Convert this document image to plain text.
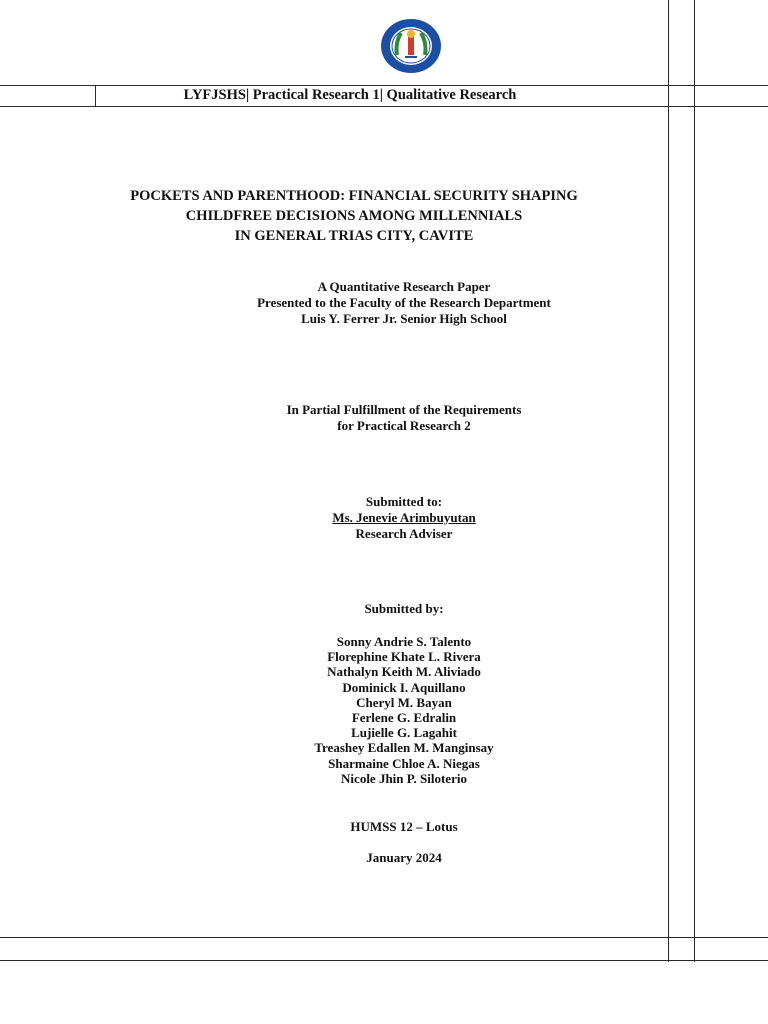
LYFJSHS| Practical Research 1| Qualitative Research
POCKETS AND PARENTHOOD: FINANCIAL SECURITY SHAPING
CHILDFREE DECISIONS AMONG MILLENNIALS
IN GENERAL TRIAS CITY, CAVITE
A Quantitative Research Paper
Presented to the Faculty of the Research Department
Luis Y. Ferrer Jr. Senior High School
In Partial Fulfillment of the Requirements
for Practical Research 2
Submitted to:
Ms. Jenevie Arimbuyutan
Research Adviser
Submitted by:
Sonny Andrie S. Talento
Florephine Khate L. Rivera
Nathalyn Keith M. Aliviado
Dominick I. Aquillano
Cheryl M. Bayan
Ferlene G. Edralin
Lujielle G. Lagahit
Treashey Edallen M. Manginsay
Sharmaine Chloe A. Niegas
Nicole Jhin P. Siloterio
HUMSS 12 – Lotus
January 2024
